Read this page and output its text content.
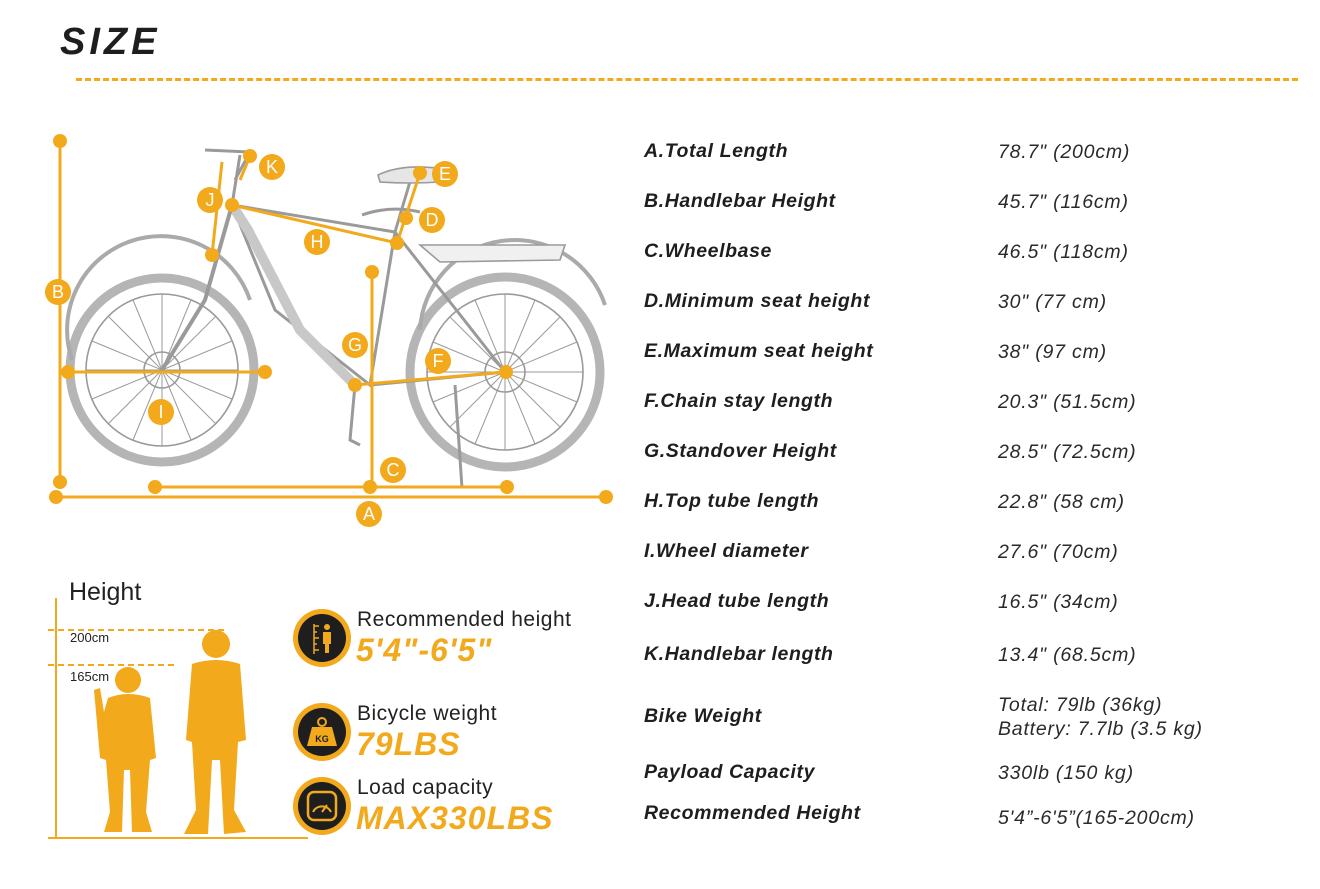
SIZE
A
B
C
D
E
F
G
H
I
J
K
A.Total Length	78.7" (200cm)
B.Handlebar Height	45.7" (116cm)
C.Wheelbase	46.5" (118cm)
D.Minimum seat height	30" (77 cm)
E.Maximum seat height	38" (97 cm)
F.Chain stay length	20.3" (51.5cm)
G.Standover Height	28.5" (72.5cm)
H.Top tube length	22.8" (58 cm)
I.Wheel diameter	27.6" (70cm)
J.Head tube length	16.5" (34cm)
K.Handlebar length	13.4" (68.5cm)
Bike Weight	Total: 79lb (36kg)
Battery: 7.7lb (3.5 kg)
Payload Capacity	330lb (150 kg)
Recommended Height	5'4”-6'5”(165-200cm)
Height
200cm
165cm
Recommended height
5'4"-6'5"
KG
Bicycle weight
79LBS
Load capacity
MAX330LBS
